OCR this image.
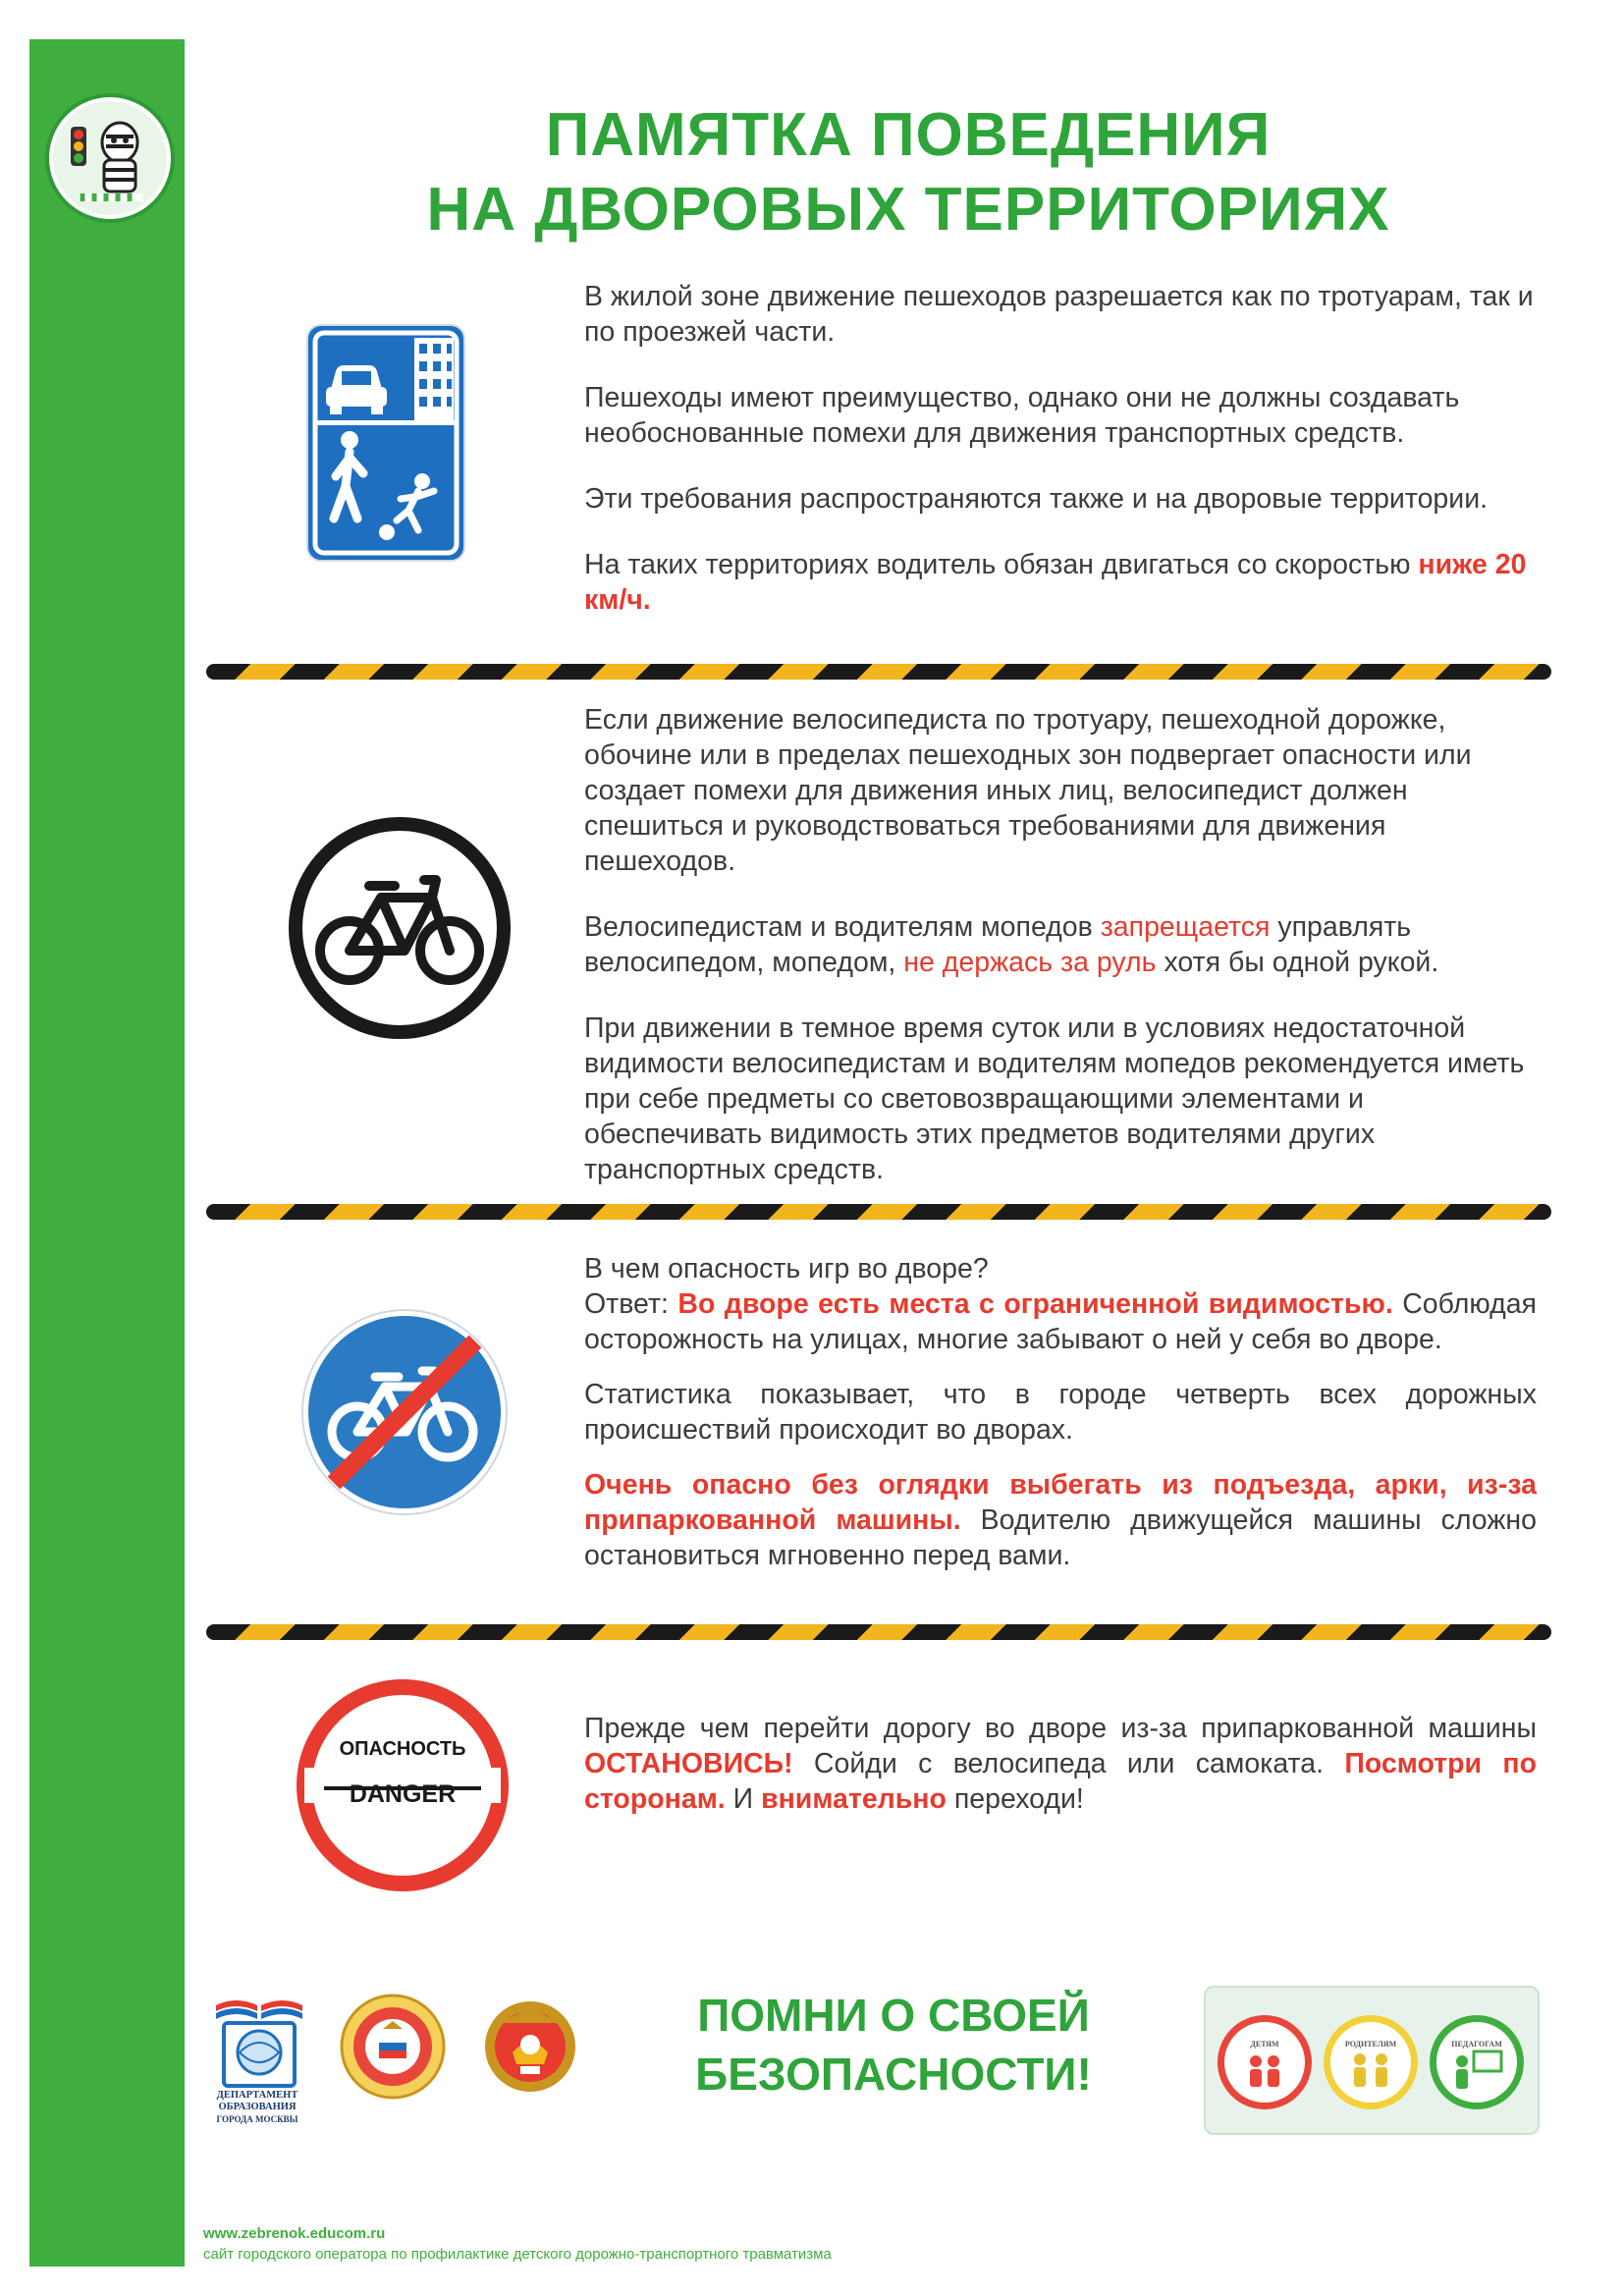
ПАМЯТКА ПОВЕДЕНИЯ
НА ДВОРОВЫХ ТЕРРИТОРИЯХ

В жилой зоне движение пешеходов разрешается как по тротуарам, так и по проезжей части.

Пешеходы имеют преимущество, однако они не должны создавать необоснованные помехи для движения транспортных средств.

Эти требования распространяются также и на дворовые территории.

На таких территориях водитель обязан двигаться со скоростью ниже 20 км/ч.

Если движение велосипедиста по тротуару, пешеходной дорожке, обочине или в пределах пешеходных зон подвергает опасности или создает помехи для движения иных лиц, велосипедист должен спешиться и руководствоваться требованиями для движения пешеходов.

Велосипедистам и водителям мопедов запрещается управлять велосипедом, мопедом, не держась за руль хотя бы одной рукой.

При движении в темное время суток или в условиях недостаточной видимости велосипедистам и водителям мопедов рекомендуется иметь при себе предметы со световозвращающими элементами и обеспечивать видимость этих предметов водителями других транспортных средств.

В чем опасность игр во дворе?
Ответ: Во дворе есть места с ограниченной видимостью. Соблюдая осторожность на улицах, многие забывают о ней у себя во дворе.

Статистика показывает, что в городе четверть всех дорожных происшествий происходит во дворах.

Очень опасно без оглядки выбегать из подъезда, арки, из-за припаркованной машины. Водителю движущейся машины сложно остановиться мгновенно перед вами.

ОПАСНОСТЬ
DANGER

Прежде чем перейти дорогу во дворе из-за припаркованной машины ОСТАНОВИСЬ! Сойди с велосипеда или самоката. Посмотри по сторонам. И внимательно переходи!

ДЕПАРТАМЕНТ
ОБРАЗОВАНИЯ
ГОРОДА МОСКВЫ
ПОМНИ О СВОЕЙ
БЕЗОПАСНОСТИ!
ДЕТЯМ	РОДИТЕЛЯМ	ПЕДАГОГАМ
www.zebrenok.educom.ru
сайт городского оператора по профилактике детского дорожно-транспортного травматизма
